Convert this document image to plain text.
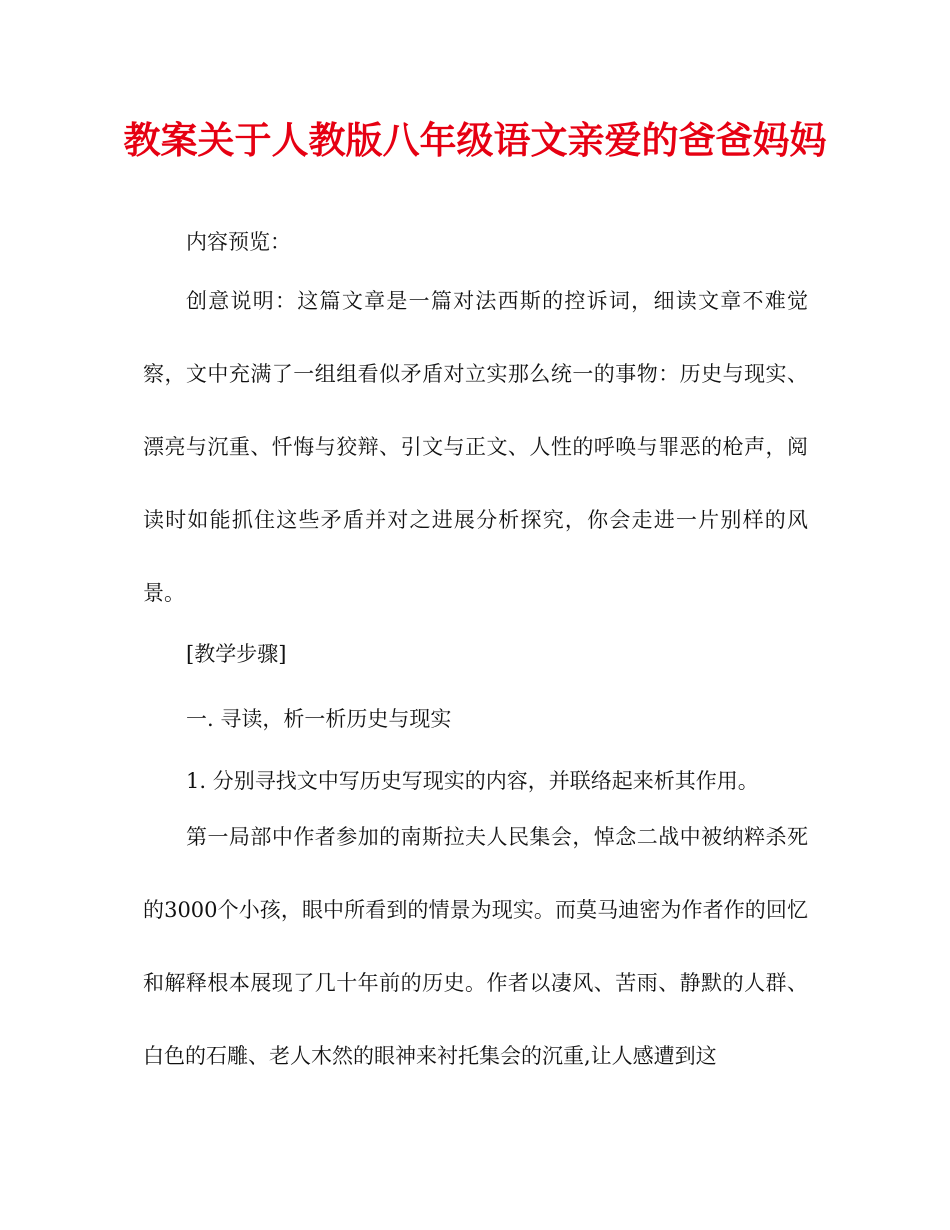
教案关于人教版八年级语文亲爱的爸爸妈妈

内容预览：

创意说明：这篇文章是一篇对法西斯的控诉词，细读文章不难觉察，文中充满了一组组看似矛盾对立实那么统一的事物：历史与现实、漂亮与沉重、忏悔与狡辩、引文与正文、人性的呼唤与罪恶的枪声，阅读时如能抓住这些矛盾并对之进展分析探究，你会走进一片别样的风景。

[教学步骤]

一. 寻读，析一析历史与现实

1. 分别寻找文中写历史写现实的内容，并联络起来析其作用。

第一局部中作者参加的南斯拉夫人民集会，悼念二战中被纳粹杀死的3000个小孩，眼中所看到的情景为现实。而莫马迪密为作者作的回忆和解释根本展现了几十年前的历史。作者以凄风、苦雨、静默的人群、白色的石雕、老人木然的眼神来衬托集会的沉重,让人感遭到这
